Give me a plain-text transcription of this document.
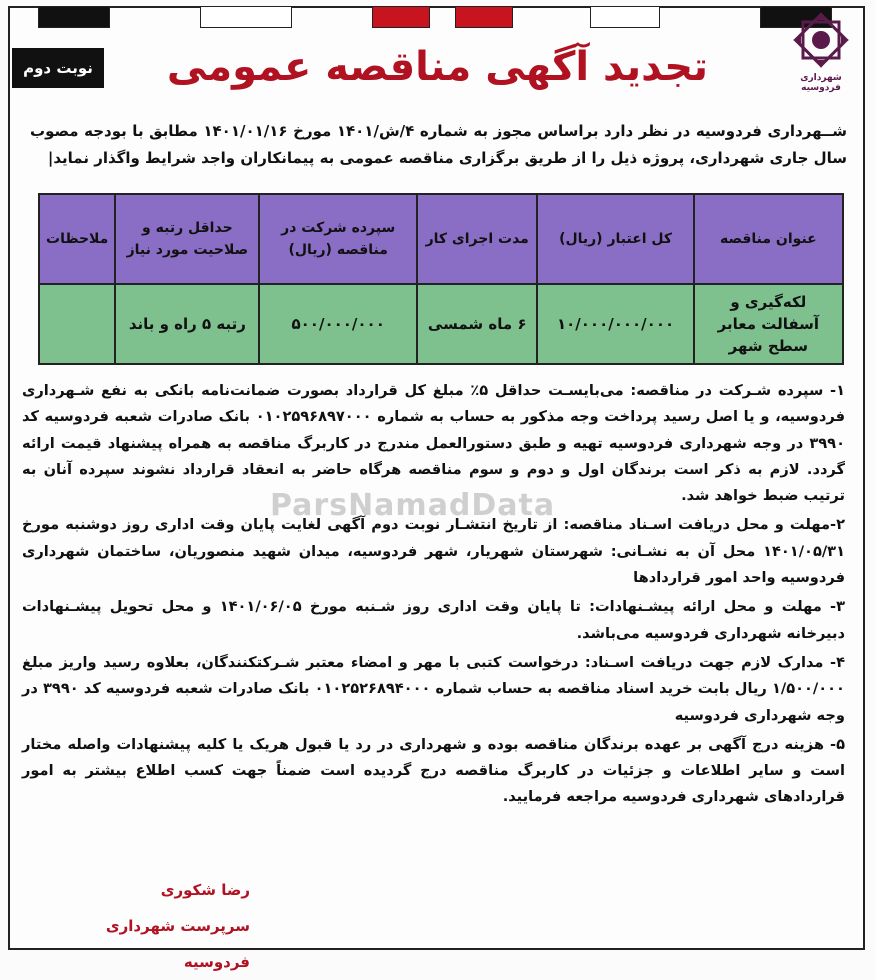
شهرداری فردوسیه
نوبت دوم	تجدید آگهی مناقصه عمومی
شــهرداری فردوسیه در نظر دارد براساس مجوز به شماره ۴/ش/۱۴۰۱ مورخ ۱۴۰۱/۰۱/۱۶ مطابق با بودجه مصوب سال جاری شهرداری، پروژه ذیل را از طریق برگزاری مناقصه عمومی به پیمانکاران واجد شرایط واگذار نماید|
عنوان مناقصه	کل اعتبار (ریال)	مدت اجرای کار	سپرده شرکت در مناقصه (ریال)	حداقل رتبه و صلاحیت مورد نیاز	ملاحظات
لکه‌گیری و آسفالت معابر سطح شهر	۱۰/۰۰۰/۰۰۰/۰۰۰	۶ ماه شمسی	۵۰۰/۰۰۰/۰۰۰	رتبه ۵ راه و باند	

۱- سپرده شـرکت در مناقصه: می‌بایسـت حداقل ۵٪ مبلغ کل قرارداد بصورت ضمانت‌نامه بانکی به نفع شـهرداری فردوسیه، و یا اصل رسید پرداخت وجه مذکور به حساب به شماره ۰۱۰۲۵۹۶۸۹۷۰۰۰ بانک صادرات شعبه فردوسیه کد ۳۹۹۰ در وجه شهرداری فردوسیه تهیه و طبق دستورالعمل مندرج در کاربرگ مناقصه به همراه پیشنهاد قیمت ارائه گردد. لازم به ذکر است برندگان اول و دوم و سوم مناقصه هرگاه حاضر به انعقاد قرارداد نشوند سپرده آنان به ترتیب ضبط خواهد شد.

۲-مهلت و محل دریافت اسـناد مناقصه: از تاریخ انتشـار نوبت دوم آگهی لغایت پایان وقت اداری روز دوشنبه مورخ ۱۴۰۱/۰۵/۳۱ محل آن به نشـانی: شهرستان شهریار، شهر فردوسیه، میدان شهید منصوریان، ساختمان شهرداری فردوسیه واحد امور قراردادها

۳- مهلت و محل ارائه پیشـنهادات: تا پایان وقت اداری روز شـنبه مورخ ۱۴۰۱/۰۶/۰۵ و محل تحویل پیشـنهادات دبیرخانه شهرداری فردوسیه می‌باشد.

۴- مدارک لازم جهت دریافت اسـناد: درخواست کتبی با مهر و امضاء معتبر شـرکتکنندگان، بعلاوه رسید واریز مبلغ ۱/۵۰۰/۰۰۰ ریال بابت خرید اسناد مناقصه به حساب شماره ۰۱۰۲۵۲۶۸۹۴۰۰۰ بانک صادرات شعبه فردوسیه کد ۳۹۹۰ در وجه شهرداری فردوسیه

۵- هزینه درج آگهی بر عهده برندگان مناقصه بوده و شهرداری در رد یا قبول هریک یا کلیه پیشنهادات واصله مختار است و سایر اطلاعات و جزئیات در کاربرگ مناقصه درج گردیده است ضمناً جهت کسب اطلاع بیشتر به امور قراردادهای شهرداری فردوسیه مراجعه فرمایید.

ParsNamadData
رضا شکوری
سرپرست شهرداری فردوسیه
